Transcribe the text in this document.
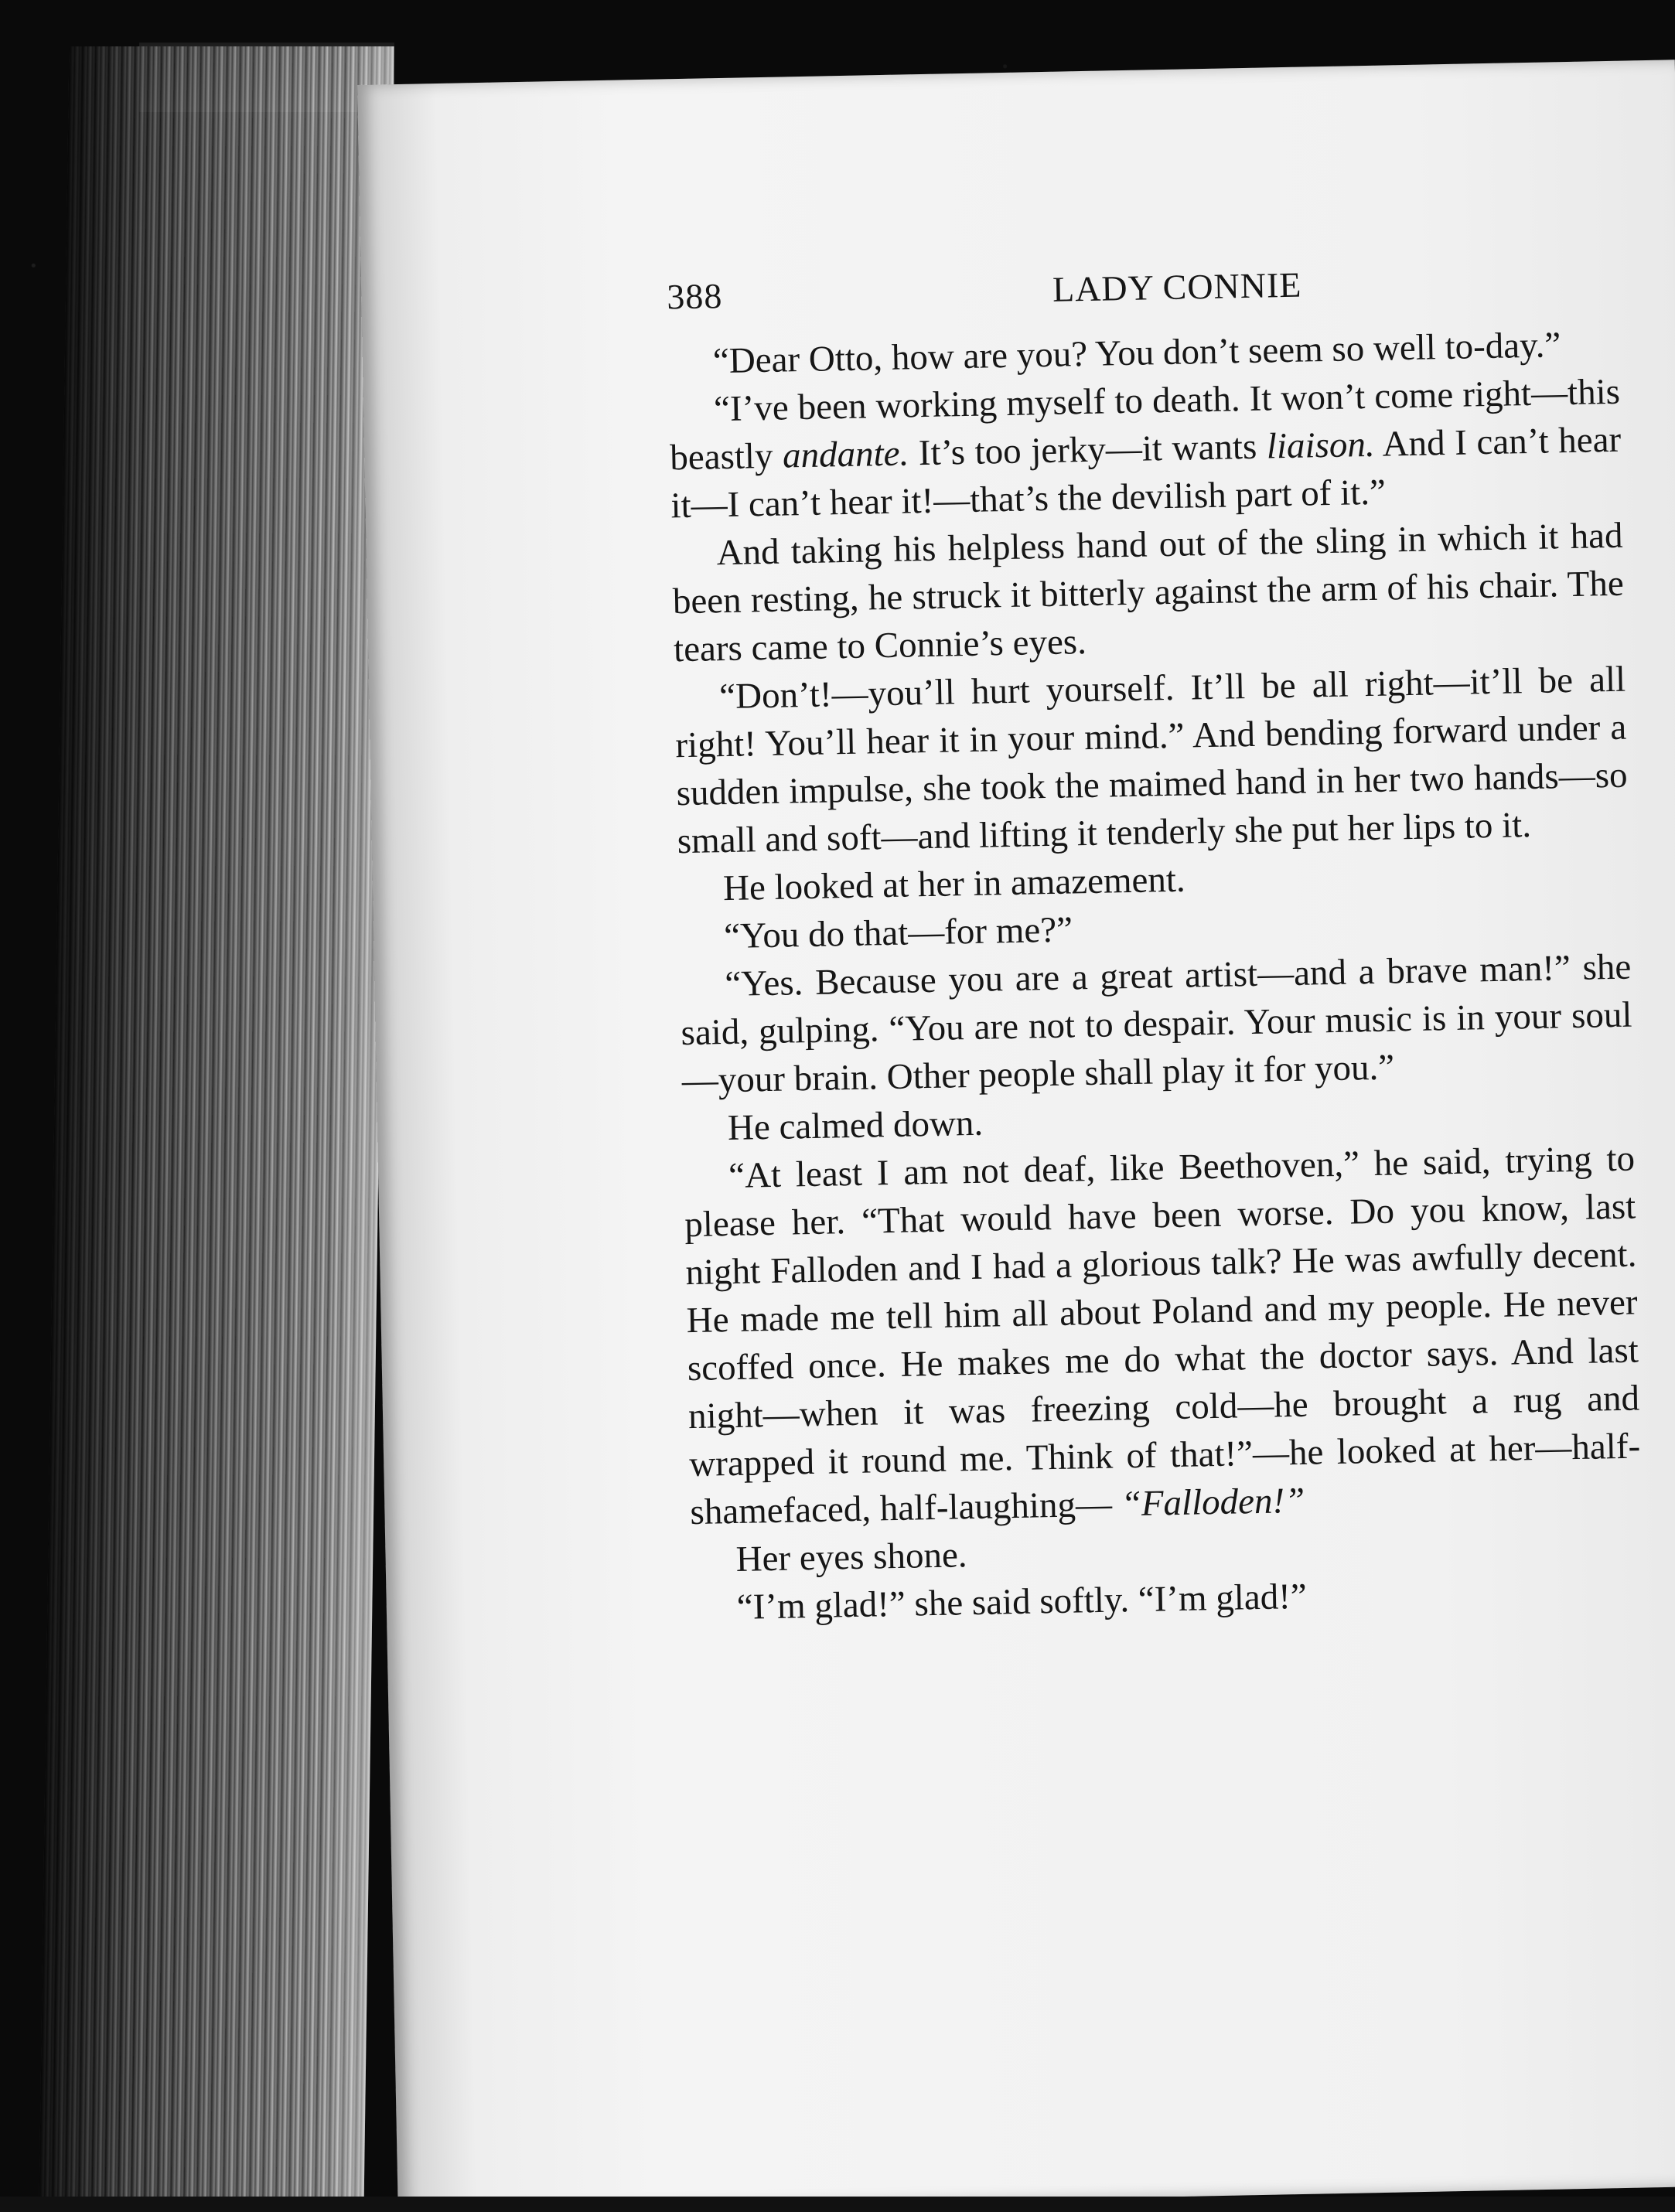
388	LADY CONNIE

“Dear Otto, how are you? You don’t seem so well to-day.”

“I’ve been working myself to death. It won’t come right—this beastly andante. It’s too jerky—it wants liaison. And I can’t hear it—I can’t hear it!—that’s the devilish part of it.”

And taking his helpless hand out of the sling in which it had been resting, he struck it bitterly against the arm of his chair. The tears came to Connie’s eyes.

“Don’t!—you’ll hurt yourself. It’ll be all right—it’ll be all right! You’ll hear it in your mind.” And bending forward under a sudden impulse, she took the maimed hand in her two hands—so small and soft—and lifting it tenderly she put her lips to it.

He looked at her in amazement.

“You do that—for me?”

“Yes. Because you are a great artist—and a brave man!” she said, gulping. “You are not to despair. Your music is in your soul—your brain. Other people shall play it for you.”

He calmed down.

“At least I am not deaf, like Beethoven,” he said, trying to please her. “That would have been worse. Do you know, last night Falloden and I had a glorious talk? He was awfully decent. He made me tell him all about Poland and my people. He never scoffed once. He makes me do what the doctor says. And last night—when it was freezing cold—he brought a rug and wrapped it round me. Think of that!”—he looked at her—half-shamefaced, half-laughing— “Falloden!”

Her eyes shone.

“I’m glad!” she said softly. “I’m glad!”
